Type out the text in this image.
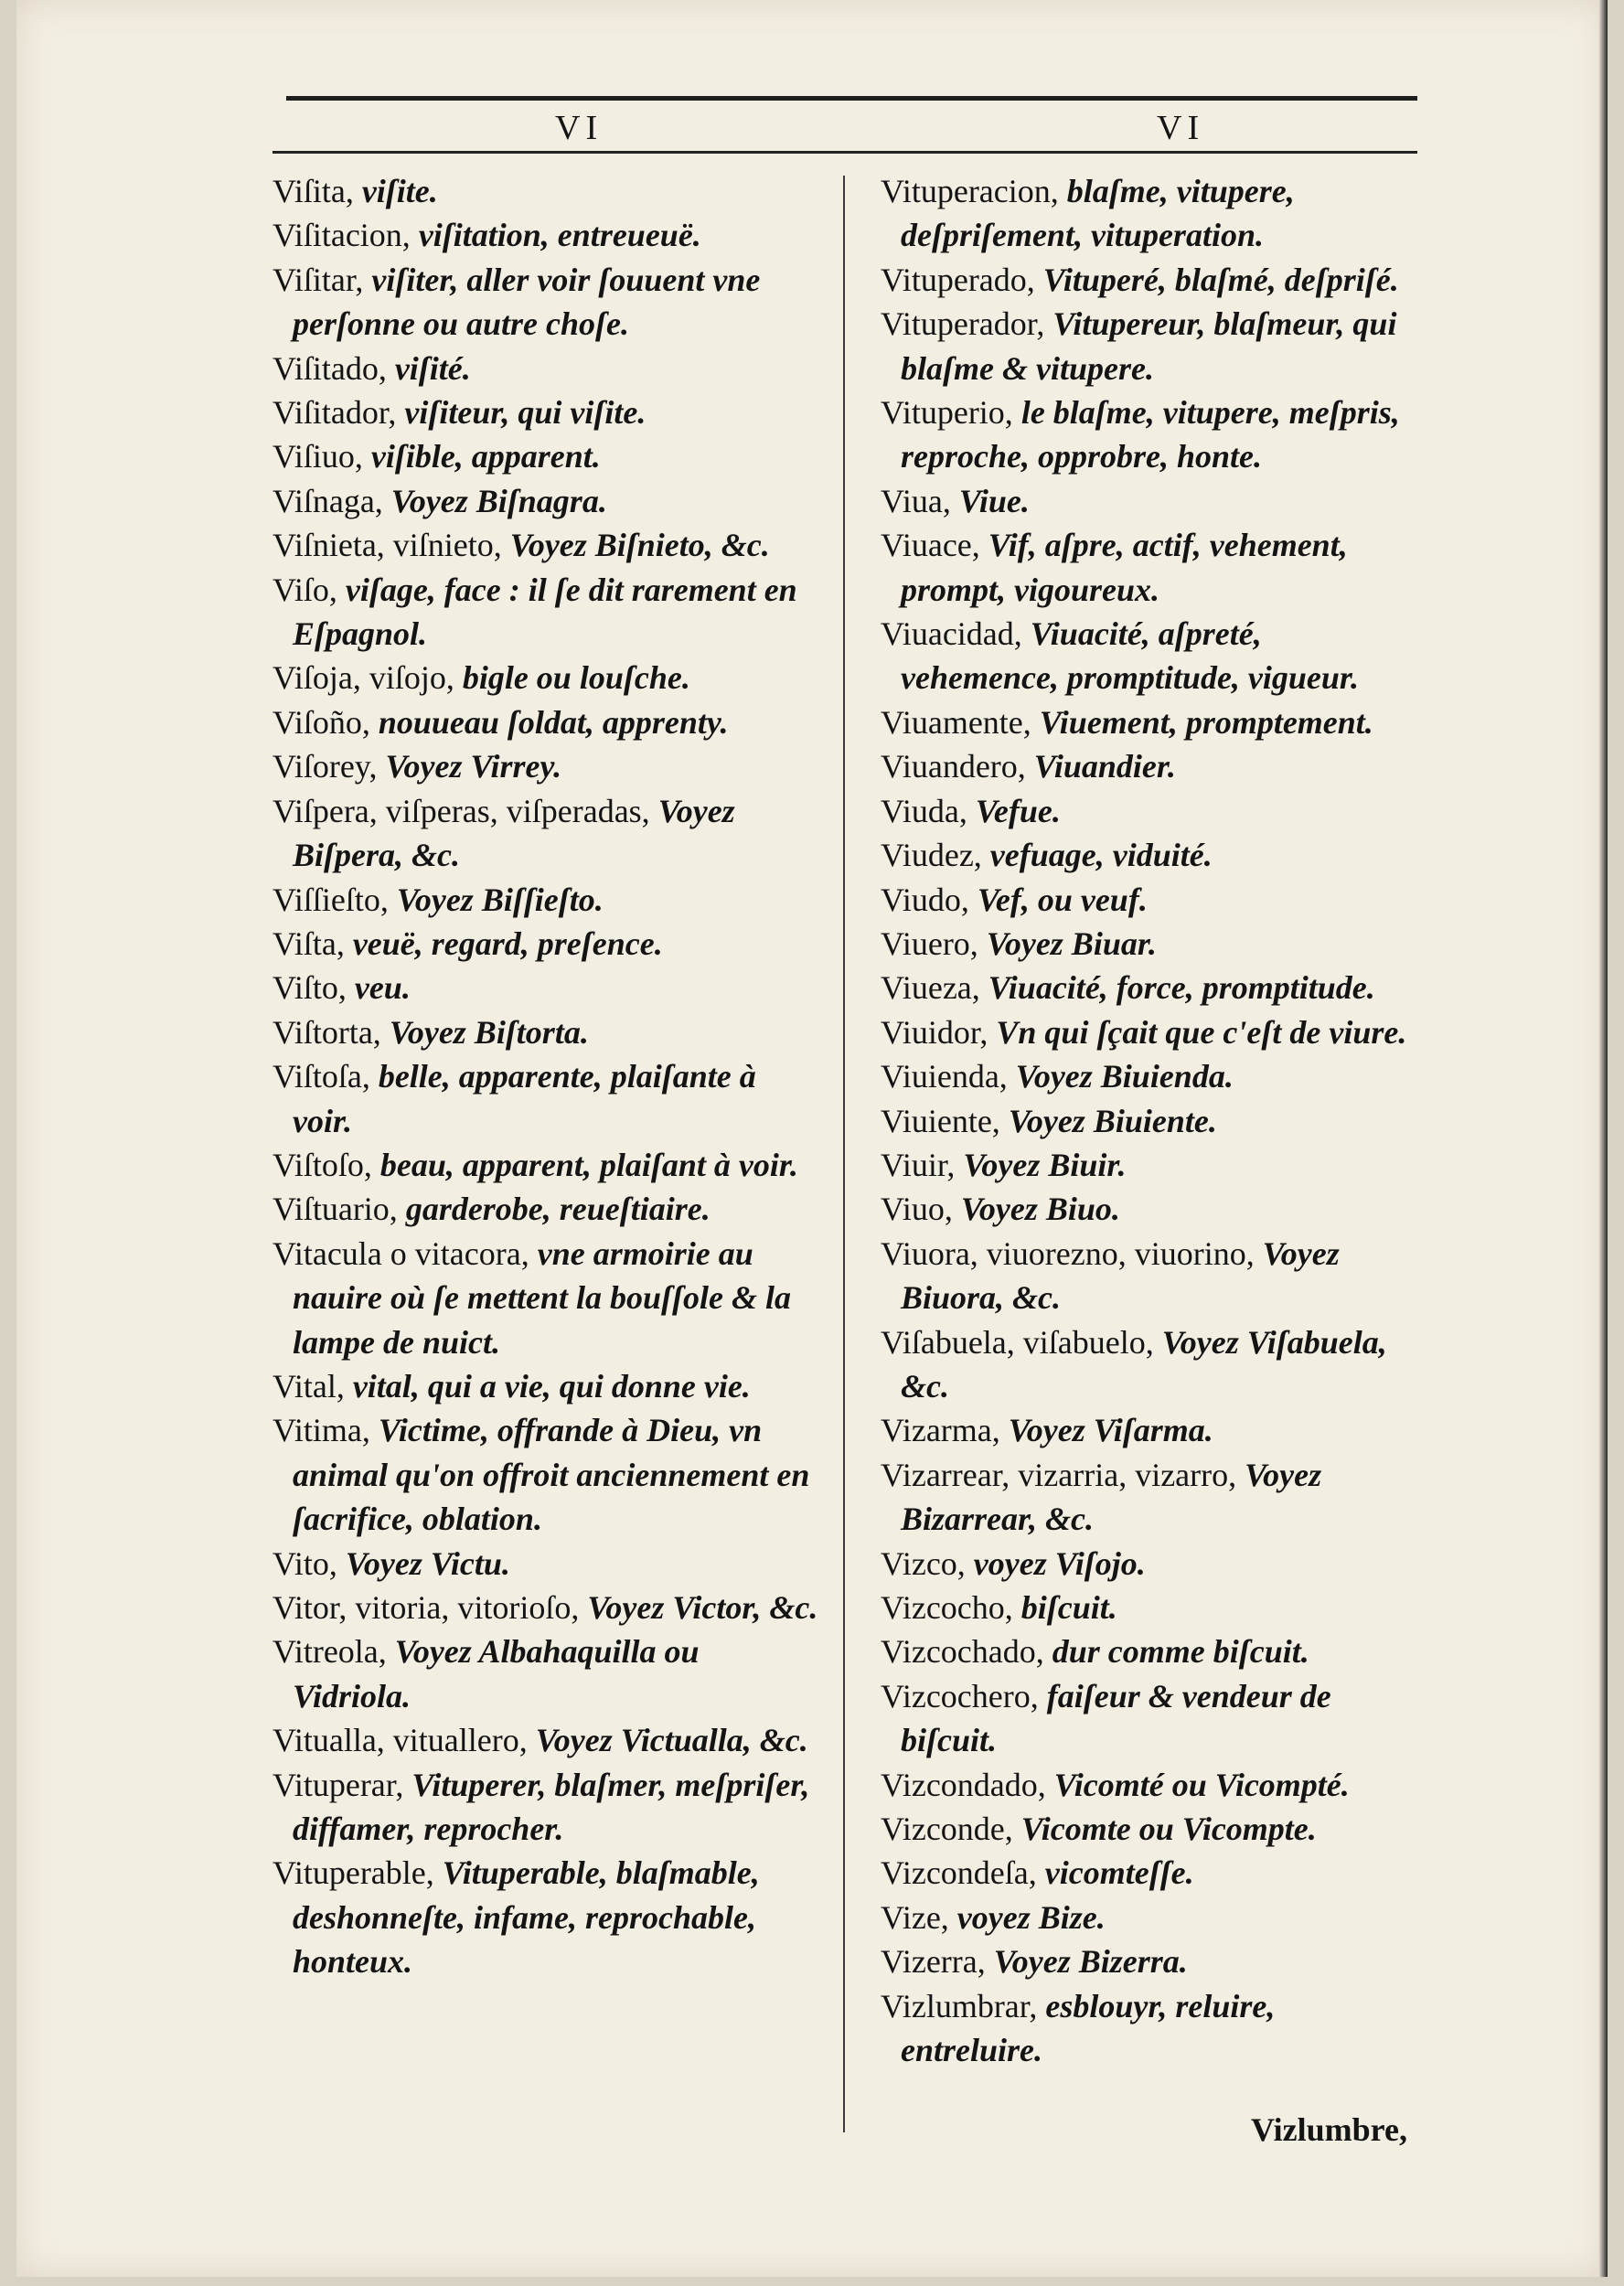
VI	VI

Viſita, viſite.

Viſitacion, viſitation, entreueuë.

Viſitar, viſiter, aller voir ſouuent vne perſonne ou autre choſe.

Viſitado, viſité.

Viſitador, viſiteur, qui viſite.

Viſiuo, viſible, apparent.

Viſnaga, Voyez Biſnagra.

Viſnieta, viſnieto, Voyez Biſnieto, &c.

Viſo, viſage, face : il ſe dit rarement en Eſpagnol.

Viſoja, viſojo, bigle ou louſche.

Viſoño, nouueau ſoldat, apprenty.

Viſorey, Voyez Virrey.

Viſpera, viſperas, viſperadas, Voyez Biſpera, &c.

Viſſieſto, Voyez Biſſieſto.

Viſta, veuë, regard, preſence.

Viſto, veu.

Viſtorta, Voyez Biſtorta.

Viſtoſa, belle, apparente, plaiſante à voir.

Viſtoſo, beau, apparent, plaiſant à voir.

Viſtuario, garderobe, reueſtiaire.

Vitacula o vitacora, vne armoirie au nauire où ſe mettent la bouſſole & la lampe de nuict.

Vital, vital, qui a vie, qui donne vie.

Vitima, Victime, offrande à Dieu, vn animal qu'on offroit anciennement en ſacrifice, oblation.

Vito, Voyez Victu.

Vitor, vitoria, vitorioſo, Voyez Victor, &c.

Vitreola, Voyez Albahaquilla ou Vidriola.

Vitualla, vituallero, Voyez Victualla, &c.

Vituperar, Vituperer, blaſmer, meſpriſer, diffamer, reprocher.

Vituperable, Vituperable, blaſmable, deshonneſte, infame, reprochable, honteux.

Vituperacion, blaſme, vitupere, deſpriſement, vituperation.

Vituperado, Vituperé, blaſmé, deſpriſé.

Vituperador, Vitupereur, blaſmeur, qui blaſme & vitupere.

Vituperio, le blaſme, vitupere, meſpris, reproche, opprobre, honte.

Viua, Viue.

Viuace, Vif, aſpre, actif, vehement, prompt, vigoureux.

Viuacidad, Viuacité, aſpreté, vehemence, promptitude, vigueur.

Viuamente, Viuement, promptement.

Viuandero, Viuandier.

Viuda, Vefue.

Viudez, vefuage, viduité.

Viudo, Vef, ou veuf.

Viuero, Voyez Biuar.

Viueza, Viuacité, force, promptitude.

Viuidor, Vn qui ſçait que c'eſt de viure.

Viuienda, Voyez Biuienda.

Viuiente, Voyez Biuiente.

Viuir, Voyez Biuir.

Viuo, Voyez Biuo.

Viuora, viuorezno, viuorino, Voyez Biuora, &c.

Viſabuela, viſabuelo, Voyez Viſabuela, &c.

Vizarma, Voyez Viſarma.

Vizarrear, vizarria, vizarro, Voyez Bizarrear, &c.

Vizco, voyez Viſojo.

Vizcocho, biſcuit.

Vizcochado, dur comme biſcuit.

Vizcochero, faiſeur & vendeur de biſcuit.

Vizcondado, Vicomté ou Vicompté.

Vizconde, Vicomte ou Vicompte.

Vizcondeſa, vicomteſſe.

Vize, voyez Bize.

Vizerra, Voyez Bizerra.

Vizlumbrar, esblouyr, reluire, entreluire.

Vizlumbre,
